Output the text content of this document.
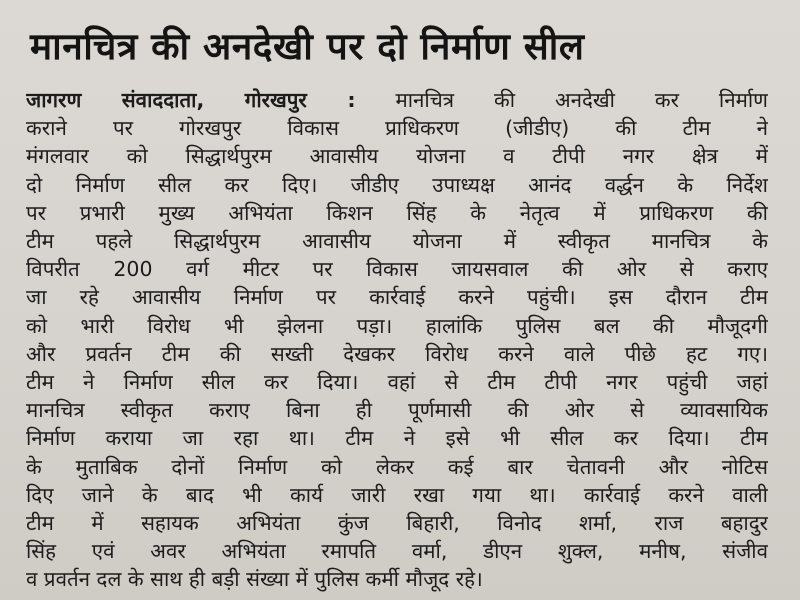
मानचित्र की अनदेखी पर दो निर्माण सील
जागरण संवाददाता, गोरखपुर : मानचित्र की अनदेखी कर निर्माण
कराने पर गोरखपुर विकास प्राधिकरण (जीडीए) की टीम ने
मंगलवार को सिद्धार्थपुरम आवासीय योजना व टीपी नगर क्षेत्र में
दो निर्माण सील कर दिए। जीडीए उपाध्यक्ष आनंद वर्द्धन के निर्देश
पर प्रभारी मुख्य अभियंता किशन सिंह के नेतृत्व में प्राधिकरण की
टीम पहले सिद्धार्थपुरम आवासीय योजना में स्वीकृत मानचित्र के
विपरीत 200 वर्ग मीटर पर विकास जायसवाल की ओर से कराए
जा रहे आवासीय निर्माण पर कार्रवाई करने पहुंची। इस दौरान टीम
को भारी विरोध भी झेलना पड़ा। हालांकि पुलिस बल की मौजूदगी
और प्रवर्तन टीम की सख्ती देखकर विरोध करने वाले पीछे हट गए।
टीम ने निर्माण सील कर दिया। वहां से टीम टीपी नगर पहुंची जहां
मानचित्र स्वीकृत कराए बिना ही पूर्णमासी की ओर से व्यावसायिक
निर्माण कराया जा रहा था। टीम ने इसे भी सील कर दिया। टीम
के मुताबिक दोनों निर्माण को लेकर कई बार चेतावनी और नोटिस
दिए जाने के बाद भी कार्य जारी रखा गया था। कार्रवाई करने वाली
टीम में सहायक अभियंता कुंज बिहारी, विनोद शर्मा, राज बहादुर
सिंह एवं अवर अभियंता रमापति वर्मा, डीएन शुक्ल, मनीष, संजीव
व प्रवर्तन दल के साथ ही बड़ी संख्या में पुलिस कर्मी मौजूद रहे।
